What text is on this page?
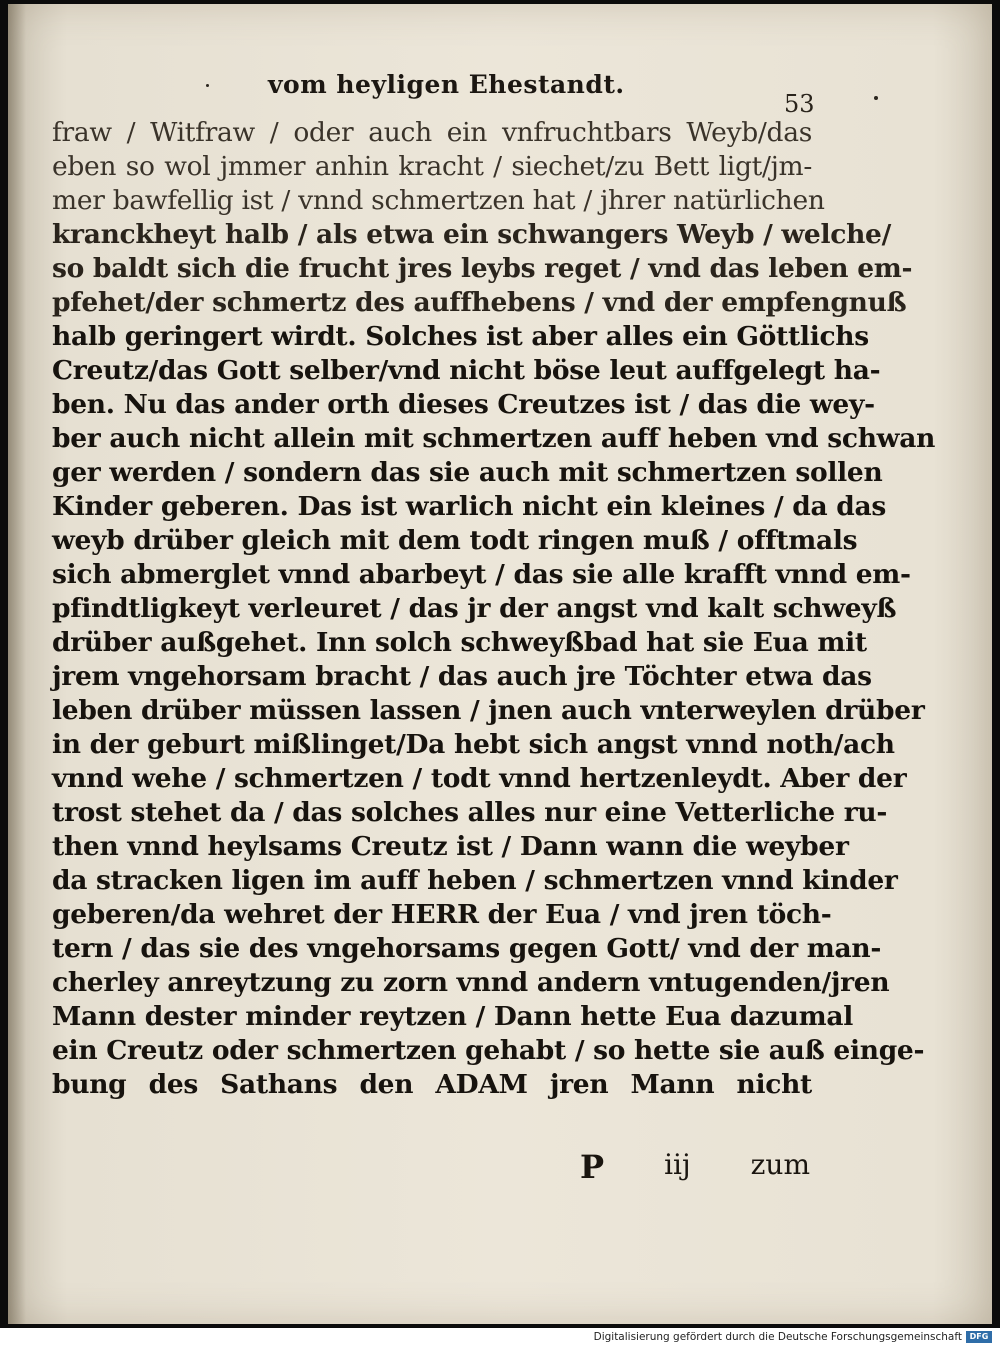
vom heyligen Ehestandt.
53
fraw / Witfraw / oder auch ein vnfruchtbars Weyb/das
eben so wol jmmer anhin kracht / siechet/zu Bett ligt/jm-
mer bawfellig ist / vnnd schmertzen hat / jhrer natürlichen
kranckheyt halb / als etwa ein schwangers Weyb / welche/
so baldt sich die frucht jres leybs reget / vnd das leben em-
pfehet/der schmertz des auffhebens / vnd der empfengnuß
halb geringert wirdt. Solches ist aber alles ein Göttlichs
Creutz/das Gott selber/vnd nicht böse leut auffgelegt ha-
ben. Nu das ander orth dieses Creutzes ist / das die wey-
ber auch nicht allein mit schmertzen auff heben vnd schwan
ger werden / sondern das sie auch mit schmertzen sollen
Kinder geberen. Das ist warlich nicht ein kleines / da das
weyb drüber gleich mit dem todt ringen muß / offtmals
sich abmerglet vnnd abarbeyt / das sie alle krafft vnnd em-
pfindtligkeyt verleuret / das jr der angst vnd kalt schweyß
drüber außgehet. Inn solch schweyßbad hat sie Eua mit
jrem vngehorsam bracht / das auch jre Töchter etwa das
leben drüber müssen lassen / jnen auch vnterweylen drüber
in der geburt mißlinget/Da hebt sich angst vnnd noth/ach
vnnd wehe / schmertzen / todt vnnd hertzenleydt. Aber der
trost stehet da / das solches alles nur eine Vetterliche ru-
then vnnd heylsams Creutz ist / Dann wann die weyber
da stracken ligen im auff heben / schmertzen vnnd kinder
geberen/da wehret der HERR der Eua / vnd jren töch-
tern / das sie des vngehorsams gegen Gott/ vnd der man-
cherley anreytzung zu zorn vnnd andern vntugenden/jren
Mann dester minder reytzen / Dann hette Eua dazumal
ein Creutz oder schmertzen gehabt / so hette sie auß einge-
bung des Sathans den ADAM jren Mann nicht
P iij zum
Digitalisierung gefördert durch die Deutsche Forschungsgemeinschaft DFG
